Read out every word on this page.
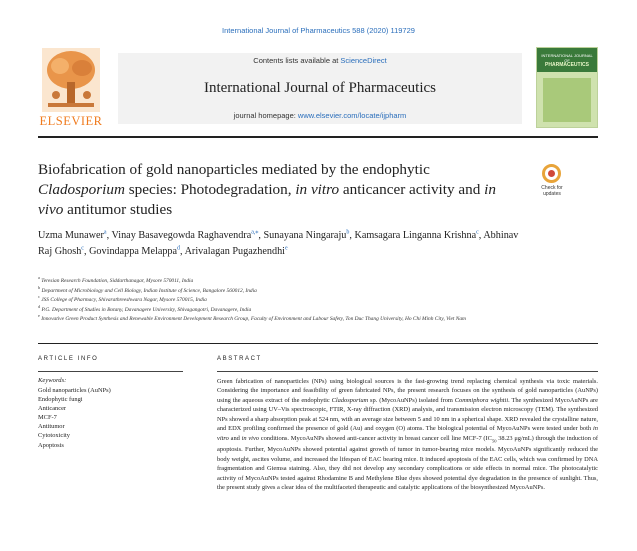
International Journal of Pharmaceutics 588 (2020) 119729
ELSEVIER
Contents lists available at ScienceDirect
International Journal of Pharmaceutics
journal homepage: www.elsevier.com/locate/ijpharm
INTERNATIONAL JOURNAL OF
PHARMACEUTICS
Biofabrication of gold nanoparticles mediated by the endophytic Cladosporium species: Photodegradation, in vitro anticancer activity and in vivo antitumor studies
Check for
updates
Uzma Munawer$^a$, Vinay Basavegowda Raghavendra$^{a,⁎}$, Sunayana Ningaraju$^b$, Kamsagara Linganna Krishna$^c$, Abhinav Raj Ghosh$^c$, Govindappa Melappa$^d$, Arivalagan Pugazhendhi$^e$
$^a$ Teresian Research Foundation, Siddarthanagar, Mysore 570011, India
$^b$ Department of Microbiology and Cell Biology, Indian Institute of Science, Bangalore 560012, India
$^c$ JSS College of Pharmacy, Shivarathreeshwara Nagar, Mysore 570015, India
$^d$ P.G. Department of Studies in Botany, Davanagere University, Shivagangotri, Davanagere, India
$^e$ Innovative Green Product Synthesis and Renewable Environment Development Research Group, Faculty of Environment and Labour Safety, Ton Duc Thang University, Ho Chi Minh City, Viet Nam
ARTICLE INFO
Keywords:
Gold nanoparticles (AuNPs)
Endophytic fungi
Anticancer
MCF-7
Antitumor
Cytotoxicity
Apoptosis
ABSTRACT

Green fabrication of nanoparticles (NPs) using biological sources is the fast-growing trend replacing chemical synthesis via toxic materials. Considering the importance and feasibility of green fabricated NPs, the present research focuses on the synthesis of gold nanoparticles (AuNPs) using the aqueous extract of the endophytic Cladosporium sp. (MycoAuNPs) isolated from Commiphora wightii. The synthesized MycoAuNPs are characterized using UV–Vis spectroscopic, FTIR, X-ray diffraction (XRD) analysis, and transmission electron microscopy (TEM). The synthesized NPs showed a sharp absorption peak at 524 nm, with an average size between 5 and 10 nm in a spherical shape. XRD revealed the crystalline nature, and EDX profiling confirmed the presence of gold (Au) and oxygen (O) atoms. The biological potential of MycoAuNPs were tested under both in vitro and in vivo conditions. MycoAuNPs showed anti-cancer activity in breast cancer cell line MCF-7 ($IC_{50}$ 38.23 μg/mL) through the induction of apoptosis. Further, MycoAuNPs showed potential against growth of tumor in tumor-bearing mice models. MycoAuNPs significantly reduced the body weight, ascites volume, and increased the lifespan of EAC bearing mice. It induced apoptosis of the EAC cells, which was confirmed by DNA fragmentation and Giemsa staining. Also, they did not develop any secondary complications or side effects in normal mice. The photocatalytic activity of MycoAuNPs tested against Rhodamine B and Methylene Blue dyes showed potential dye degradation in the presence of sunlight. Thus, the present study gives a clear idea of the multifaceted therapeutic and catalytic applications of the biosynthesized MycoAuNPs.
